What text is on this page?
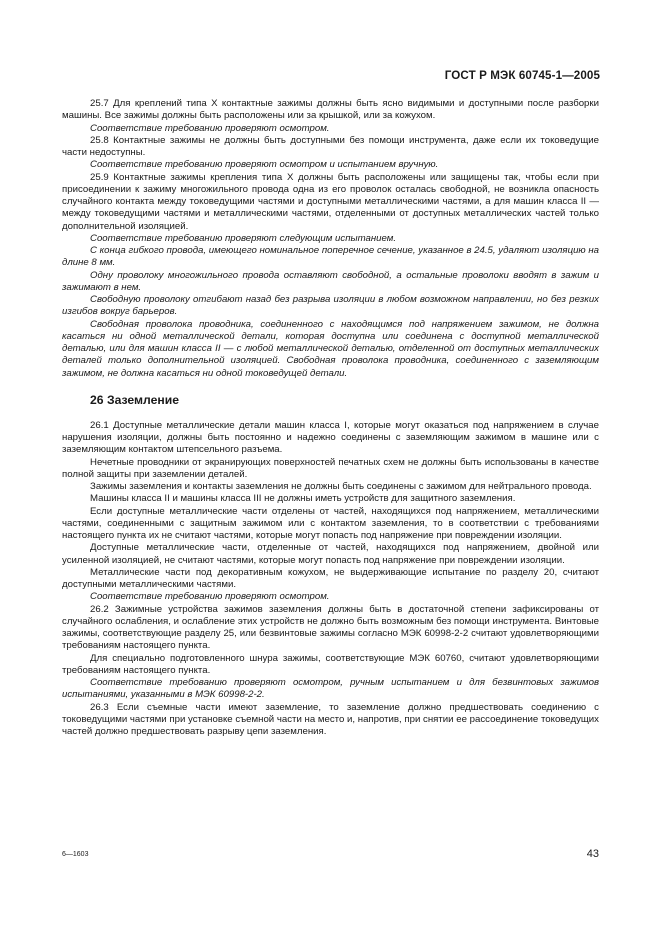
ГОСТ Р МЭК 60745-1—2005

25.7 Для креплений типа Х контактные зажимы должны быть ясно видимыми и доступными после разборки машины. Все зажимы должны быть расположены или за крышкой, или за кожухом.

Соответствие требованию проверяют осмотром.

25.8 Контактные зажимы не должны быть доступными без помощи инструмента, даже если их токоведущие части недоступны.

Соответствие требованию проверяют осмотром и испытанием вручную.

25.9 Контактные зажимы крепления типа Х должны быть расположены или защищены так, чтобы если при присоединении к зажиму многожильного провода одна из его проволок осталась свободной, не возникла опасность случайного контакта между токоведущими частями и доступными металлическими частями, а для машин класса II — между токоведущими частями и металлическими частями, отделенными от доступных металлических частей только дополнительной изоляцией.

Соответствие требованию проверяют следующим испытанием.

С конца гибкого провода, имеющего номинальное поперечное сечение, указанное в 24.5, удаляют изоляцию на длине 8 мм.

Одну проволоку многожильного провода оставляют свободной, а остальные проволоки вводят в зажим и зажимают в нем.

Свободную проволоку отгибают назад без разрыва изоляции в любом возможном направлении, но без резких изгибов вокруг барьеров.

Свободная проволока проводника, соединенного с находящимся под напряжением зажимом, не должна касаться ни одной металлической детали, которая доступна или соединена с доступной металлической деталью, или для машин класса II — с любой металлической деталью, отделенной от доступных металлических деталей только дополнительной изоляцией. Свободная проволока проводника, соединенного с заземляющим зажимом, не должна касаться ни одной токоведущей детали.

26 Заземление

26.1 Доступные металлические детали машин класса I, которые могут оказаться под напряжением в случае нарушения изоляции, должны быть постоянно и надежно соединены с заземляющим зажимом в машине или с заземляющим контактом штепсельного разъема.

Нечетные проводники от экранирующих поверхностей печатных схем не должны быть использованы в качестве полной защиты при заземлении деталей.

Зажимы заземления и контакты заземления не должны быть соединены с зажимом для нейтрального провода.

Машины класса II и машины класса III не должны иметь устройств для защитного заземления.

Если доступные металлические части отделены от частей, находящихся под напряжением, металлическими частями, соединенными с защитным зажимом или с контактом заземления, то в соответствии с требованиями настоящего пункта их не считают частями, которые могут попасть под напряжение при повреждении изоляции.

Доступные металлические части, отделенные от частей, находящихся под напряжением, двойной или усиленной изоляцией, не считают частями, которые могут попасть под напряжение при повреждении изоляции.

Металлические части под декоративным кожухом, не выдерживающие испытание по разделу 20, считают доступными металлическими частями.

Соответствие требованию проверяют осмотром.

26.2 Зажимные устройства зажимов заземления должны быть в достаточной степени зафиксированы от случайного ослабления, и ослабление этих устройств не должно быть возможным без помощи инструмента. Винтовые зажимы, соответствующие разделу 25, или безвинтовые зажимы согласно МЭК 60998-2-2 считают удовлетворяющими требованиям настоящего пункта.

Для специально подготовленного шнура зажимы, соответствующие МЭК 60760, считают удовлетворяющими требованиям настоящего пункта.

Соответствие требованию проверяют осмотром, ручным испытанием и для безвинтовых зажимов испытаниями, указанными в МЭК 60998-2-2.

26.3 Если съемные части имеют заземление, то заземление должно предшествовать соединению с токоведущими частями при установке съемной части на место и, напротив, при снятии ее рассоединение токоведущих частей должно предшествовать разрыву цепи заземления.

6—1603	43
